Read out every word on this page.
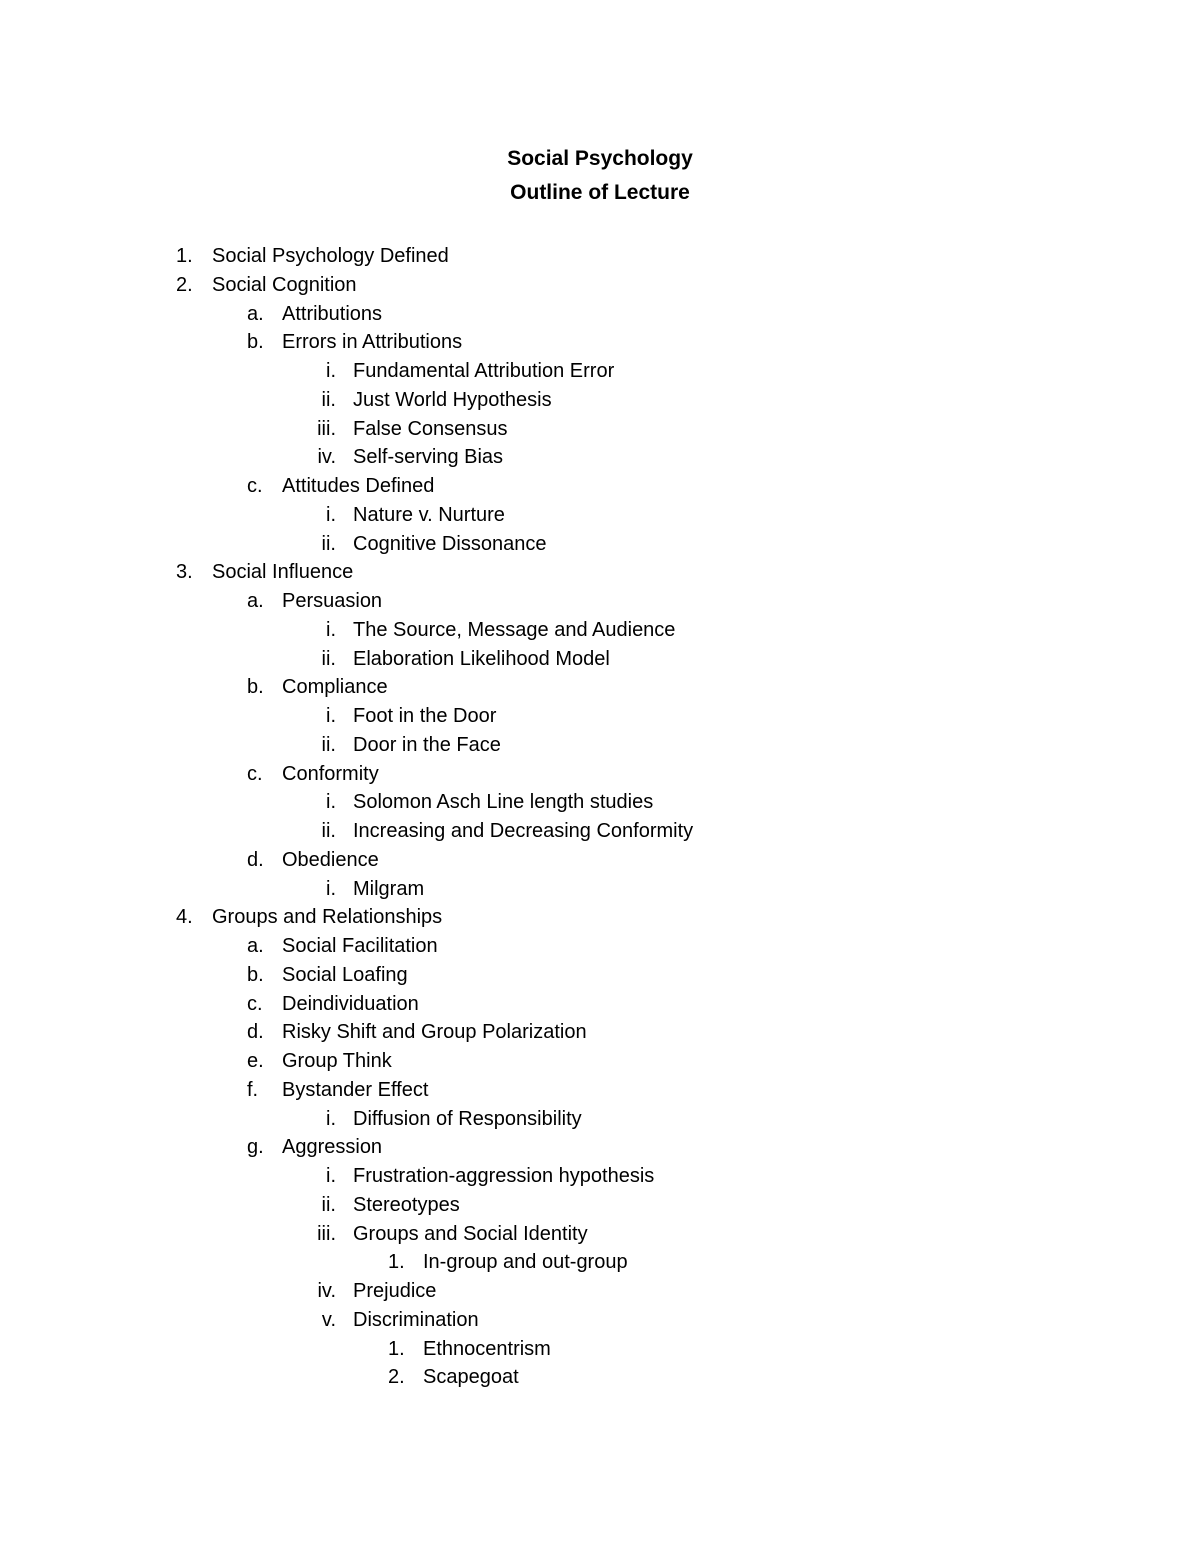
Social Psychology
Outline of Lecture
1. Social Psychology Defined
2. Social Cognition
a. Attributions
b. Errors in Attributions
i. Fundamental Attribution Error
ii. Just World Hypothesis
iii. False Consensus
iv. Self-serving Bias
c. Attitudes Defined
i. Nature v. Nurture
ii. Cognitive Dissonance
3. Social Influence
a. Persuasion
i. The Source, Message and Audience
ii. Elaboration Likelihood Model
b. Compliance
i. Foot in the Door
ii. Door in the Face
c. Conformity
i. Solomon Asch Line length studies
ii. Increasing and Decreasing Conformity
d. Obedience
i. Milgram
4. Groups and Relationships
a. Social Facilitation
b. Social Loafing
c. Deindividuation
d. Risky Shift and Group Polarization
e. Group Think
f. Bystander Effect
i. Diffusion of Responsibility
g. Aggression
i. Frustration-aggression hypothesis
ii. Stereotypes
iii. Groups and Social Identity
1. In-group and out-group
iv. Prejudice
v. Discrimination
1. Ethnocentrism
2. Scapegoat
